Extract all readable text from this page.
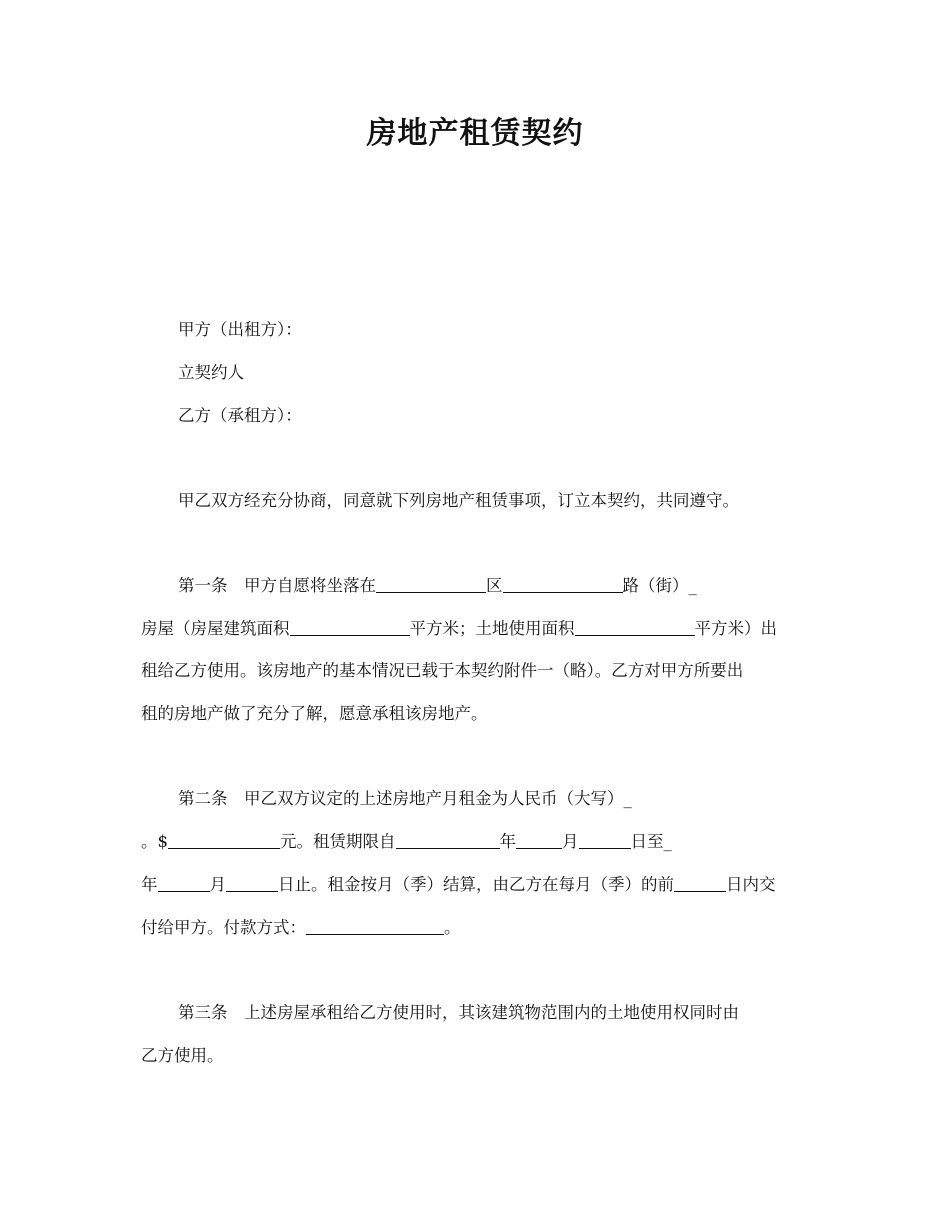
房地产租赁契约
甲方（出租方）：
立契约人
乙方（承租方）：
甲乙双方经充分协商，同意就下列房地产租赁事项，订立本契约，共同遵守。
第一条　甲方自愿将坐落在	区	路（街）_
房屋（房屋建筑面积	平方米；土地使用面积	平方米）出
租给乙方使用。该房地产的基本情况已载于本契约附件一（略）。乙方对甲方所要出
租的房地产做了充分了解，愿意承租该房地产。
第二条　甲乙双方议定的上述房地产月租金为人民币（大写）_
。$	元。租赁期限自	年	月	日至_
年	月	日止。租金按月（季）结算，由乙方在每月（季）的前	日内交
付给甲方。付款方式：	。
第三条　上述房屋承租给乙方使用时，其该建筑物范围内的土地使用权同时由
乙方使用。
